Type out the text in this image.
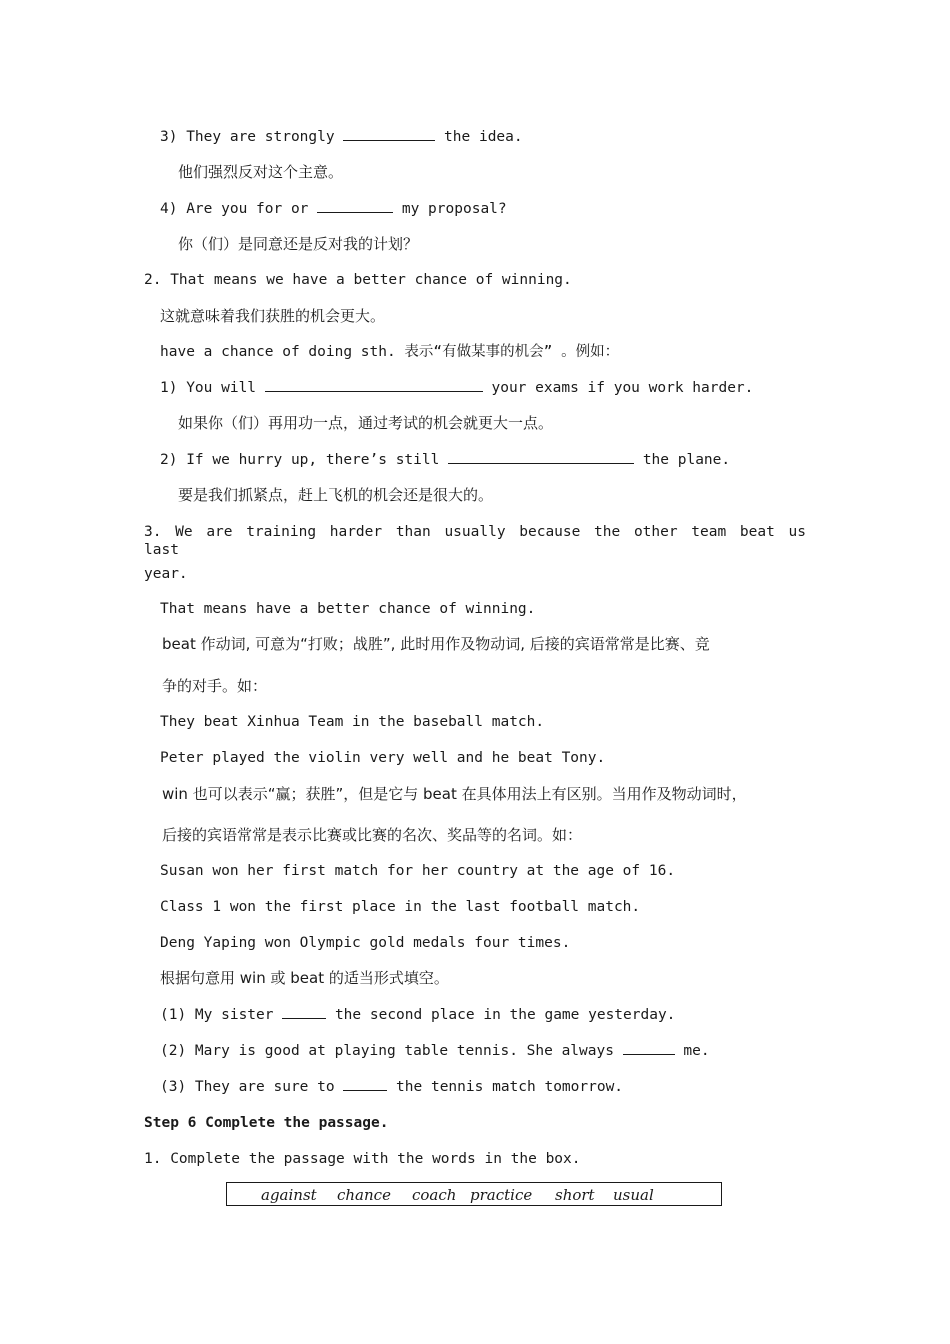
3) They are strongly	the idea.
他们强烈反对这个主意。
4) Are you for or	my proposal?
你（们）是同意还是反对我的计划？
2. That means we have a better chance of winning.
这就意味着我们获胜的机会更大。
have a chance of doing sth. 表示“有做某事的机会” 。例如：
1) You will	your exams if you work harder.
如果你（们）再用功一点，通过考试的机会就更大一点。
2) If we hurry up, there’s still	the plane.
要是我们抓紧点，赶上飞机的机会还是很大的。
3. We are training harder than usually because the other team beat us last
year.
That means have a better chance of winning.
beat 作动词, 可意为“打败；战胜”, 此时用作及物动词, 后接的宾语常常是比赛、竞
争的对手。如：
They beat Xinhua Team in the baseball match.
Peter played the violin very well and he beat Tony.
win 也可以表示“赢；获胜”，但是它与 beat 在具体用法上有区别。当用作及物动词时，
后接的宾语常常是表示比赛或比赛的名次、奖品等的名词。如：
Susan won her first match for her country at the age of 16.
Class 1 won the first place in the last football match.
Deng Yaping won Olympic gold medals four times.
根据句意用 win 或 beat 的适当形式填空。
(1) My sister	the second place in the game yesterday.
(2) Mary is good at playing table tennis. She always	me.
(3) They are sure to	the tennis match tomorrow.
Step 6 Complete the passage.
1. Complete the passage with the words in the box.
against chance coach practice short usual
